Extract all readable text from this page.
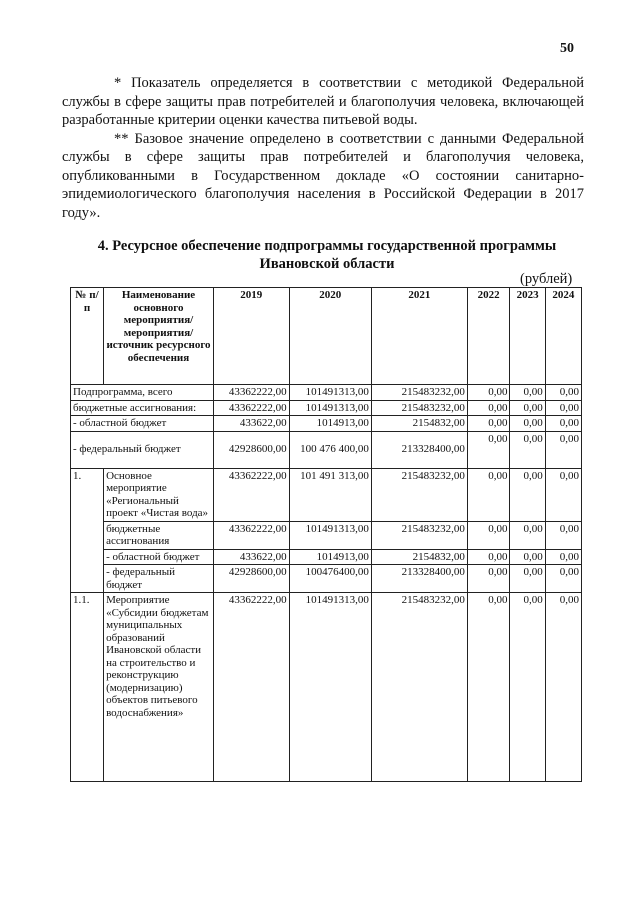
50

* Показатель определяется в соответствии с методикой Федеральной службы в сфере защиты прав потребителей и благополучия человека, включающей разработанные критерии оценки качества питьевой воды.

** Базовое значение определено в соответствии с данными Федеральной службы в сфере защиты прав потребителей и благополучия человека, опубликованными в Государственном докладе «О состоянии санитарно-эпидемиологического благополучия населения в Российской Федерации в 2017 году».

4. Ресурсное обеспечение подпрограммы государственной программы Ивановской области
(рублей)
№ п/п	Наименование основного мероприятия/ мероприятия/ источник ресурсного обеспечения	2019	2020	2021	2022	2023	2024
Подпрограмма, всего		43362222,00	101491313,00	215483232,00	0,00	0,00	0,00
бюджетные ассигнования:		43362222,00	101491313,00	215483232,00	0,00	0,00	0,00
- областной бюджет		433622,00	1014913,00	2154832,00	0,00	0,00	0,00
- федеральный бюджет		42928600,00	100 476 400,00	213328400,00	0,00	0,00	0,00
1.	Основное мероприятие «Региональный проект «Чистая вода»	43362222,00	101 491 313,00	215483232,00	0,00	0,00	0,00
	бюджетные ассигнования	43362222,00	101491313,00	215483232,00	0,00	0,00	0,00
	- областной бюджет	433622,00	1014913,00	2154832,00	0,00	0,00	0,00
	- федеральный бюджет	42928600,00	100476400,00	213328400,00	0,00	0,00	0,00
1.1.	Мероприятие «Субсидии бюджетам муниципальных образований Ивановской области на строительство и реконструкцию (модернизацию) объектов питьевого водоснабжения»	43362222,00	101491313,00	215483232,00	0,00	0,00	0,00
